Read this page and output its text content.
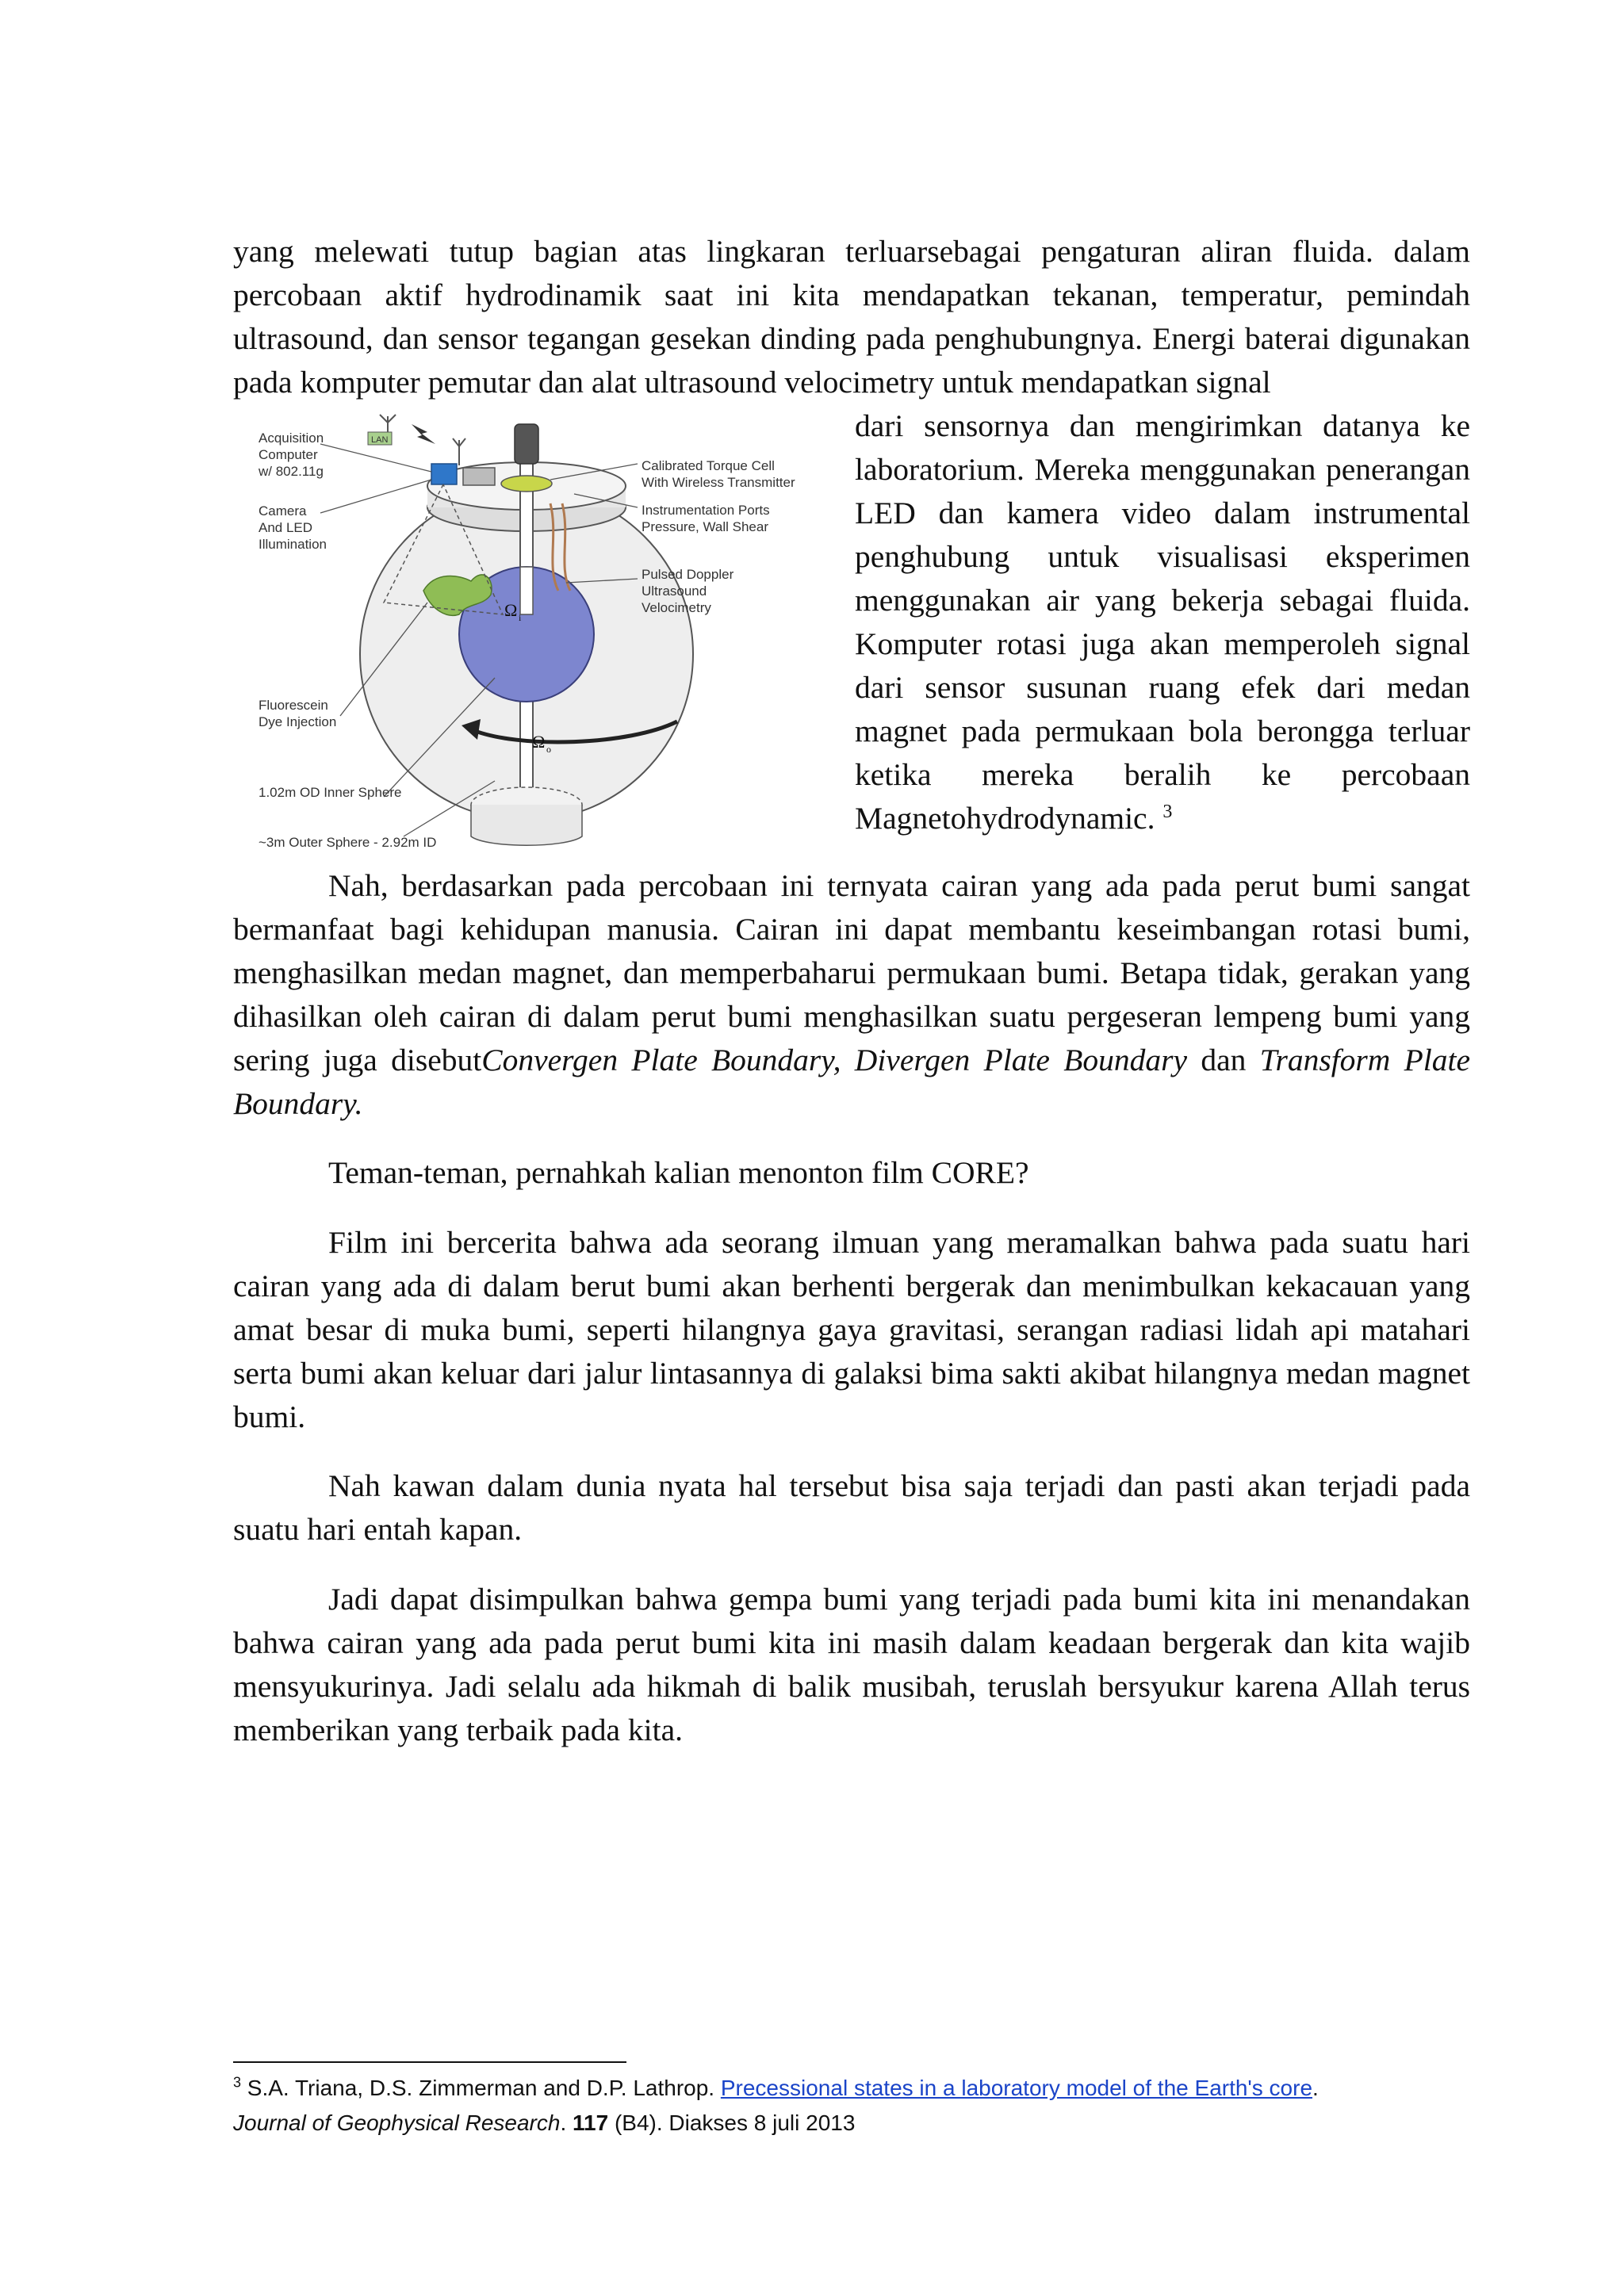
yang melewati tutup bagian atas lingkaran terluarsebagai pengaturan aliran fluida. dalam percobaan aktif hydrodinamik saat ini kita mendapatkan tekanan, temperatur, pemindah ultrasound, dan sensor tegangan gesekan dinding pada penghubungnya. Energi baterai digunakan pada komputer pemutar dan alat ultrasound velocimetry untuk mendapatkan signal

LAN
Ω i
Ω o
Acquisition Computer w/ 802.11g
Camera And LED Illumination
Fluorescein Dye Injection
1.02m OD Inner Sphere
~3m Outer Sphere - 2.92m ID
Calibrated Torque Cell With Wireless Transmitter
Instrumentation Ports Pressure, Wall Shear
Pulsed Doppler Ultrasound Velocimetry

dari sensornya dan mengirimkan datanya ke laboratorium. Mereka menggunakan penerangan LED dan kamera video dalam instrumental penghubung untuk visualisasi eksperimen menggunakan air yang bekerja sebagai fluida. Komputer rotasi juga akan memperoleh signal dari sensor susunan ruang efek dari medan magnet pada permukaan bola berongga terluar ketika mereka beralih ke percobaan Magnetohydrodynamic. $^3$

Nah, berdasarkan pada percobaan ini ternyata cairan yang ada pada perut bumi sangat bermanfaat bagi kehidupan manusia. Cairan ini dapat membantu keseimbangan rotasi bumi, menghasilkan medan magnet, dan memperbaharui permukaan bumi. Betapa tidak, gerakan yang dihasilkan oleh cairan di dalam perut bumi menghasilkan suatu pergeseran lempeng bumi yang sering juga disebutConvergen Plate Boundary, Divergen Plate Boundary dan Transform Plate Boundary.

Teman-teman, pernahkah kalian menonton film CORE?

Film ini bercerita bahwa ada seorang ilmuan yang meramalkan bahwa pada suatu hari cairan yang ada di dalam berut bumi akan berhenti bergerak dan menimbulkan kekacauan yang amat besar di muka bumi, seperti hilangnya gaya gravitasi, serangan radiasi lidah api matahari serta bumi akan keluar dari jalur lintasannya di galaksi bima sakti akibat hilangnya medan magnet bumi.

Nah kawan dalam dunia nyata hal tersebut bisa saja terjadi dan pasti akan terjadi pada suatu hari entah kapan.

Jadi dapat disimpulkan bahwa gempa bumi yang terjadi pada bumi kita ini menandakan bahwa cairan yang ada pada perut bumi kita ini masih dalam keadaan bergerak dan kita wajib mensyukurinya. Jadi selalu ada hikmah di balik musibah, teruslah bersyukur karena Allah terus memberikan yang terbaik pada kita.

$^3$ S.A. Triana, D.S. Zimmerman and D.P. Lathrop. Precessional states in a laboratory model of the Earth's core.
Journal of Geophysical Research. 117 (B4). Diakses 8 juli 2013
